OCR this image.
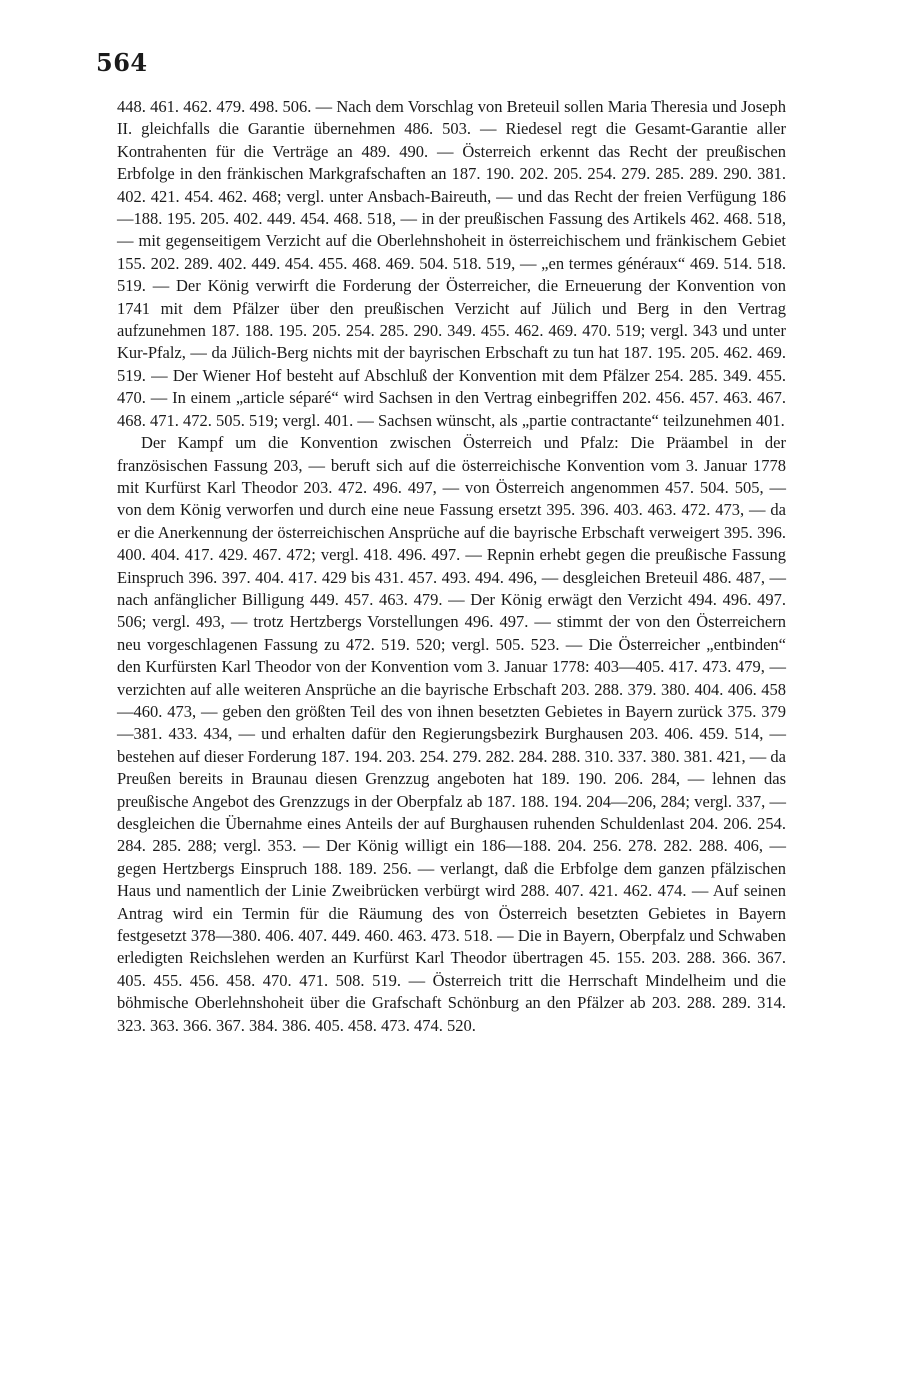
564

448. 461. 462. 479. 498. 506. — Nach dem Vorschlag von Breteuil sollen Maria Theresia und Joseph II. gleichfalls die Garantie übernehmen 486. 503. — Riedesel regt die Gesamt-Garantie aller Kontrahenten für die Verträge an 489. 490. — Österreich erkennt das Recht der preußischen Erbfolge in den fränkischen Markgrafschaften an 187. 190. 202. 205. 254. 279. 285. 289. 290. 381. 402. 421. 454. 462. 468; vergl. unter Ansbach-Baireuth, — und das Recht der freien Verfügung 186—188. 195. 205. 402. 449. 454. 468. 518, — in der preußischen Fassung des Artikels 462. 468. 518, — mit gegenseitigem Verzicht auf die Oberlehnshoheit in österreichischem und fränkischem Gebiet 155. 202. 289. 402. 449. 454. 455. 468. 469. 504. 518. 519, — „en termes généraux“ 469. 514. 518. 519. — Der König verwirft die Forderung der Österreicher, die Erneuerung der Konvention von 1741 mit dem Pfälzer über den preußischen Verzicht auf Jülich und Berg in den Vertrag aufzunehmen 187. 188. 195. 205. 254. 285. 290. 349. 455. 462. 469. 470. 519; vergl. 343 und unter Kur-Pfalz, — da Jülich-Berg nichts mit der bayrischen Erbschaft zu tun hat 187. 195. 205. 462. 469. 519. — Der Wiener Hof besteht auf Abschluß der Konvention mit dem Pfälzer 254. 285. 349. 455. 470. — In einem „article séparé“ wird Sachsen in den Vertrag einbegriffen 202. 456. 457. 463. 467. 468. 471. 472. 505. 519; vergl. 401. — Sachsen wünscht, als „partie contractante“ teilzunehmen 401.

Der Kampf um die Konvention zwischen Österreich und Pfalz: Die Präambel in der französischen Fassung 203, — beruft sich auf die österreichische Konvention vom 3. Januar 1778 mit Kurfürst Karl Theodor 203. 472. 496. 497, — von Österreich angenommen 457. 504. 505, — von dem König verworfen und durch eine neue Fassung ersetzt 395. 396. 403. 463. 472. 473, — da er die Anerkennung der österreichischen Ansprüche auf die bayrische Erbschaft verweigert 395. 396. 400. 404. 417. 429. 467. 472; vergl. 418. 496. 497. — Repnin erhebt gegen die preußische Fassung Einspruch 396. 397. 404. 417. 429 bis 431. 457. 493. 494. 496, — desgleichen Breteuil 486. 487, — nach anfänglicher Billigung 449. 457. 463. 479. — Der König erwägt den Verzicht 494. 496. 497. 506; vergl. 493, — trotz Hertzbergs Vorstellungen 496. 497. — stimmt der von den Österreichern neu vorgeschlagenen Fassung zu 472. 519. 520; vergl. 505. 523. — Die Österreicher „entbinden“ den Kurfürsten Karl Theodor von der Konvention vom 3. Januar 1778: 403—405. 417. 473. 479, — verzichten auf alle weiteren Ansprüche an die bayrische Erbschaft 203. 288. 379. 380. 404. 406. 458—460. 473, — geben den größten Teil des von ihnen besetzten Gebietes in Bayern zurück 375. 379—381. 433. 434, — und erhalten dafür den Regierungsbezirk Burghausen 203. 406. 459. 514, — bestehen auf dieser Forderung 187. 194. 203. 254. 279. 282. 284. 288. 310. 337. 380. 381. 421, — da Preußen bereits in Braunau diesen Grenzzug angeboten hat 189. 190. 206. 284, — lehnen das preußische Angebot des Grenzzugs in der Oberpfalz ab 187. 188. 194. 204—206, 284; vergl. 337, — desgleichen die Übernahme eines Anteils der auf Burghausen ruhenden Schuldenlast 204. 206. 254. 284. 285. 288; vergl. 353. — Der König willigt ein 186—188. 204. 256. 278. 282. 288. 406, — gegen Hertzbergs Einspruch 188. 189. 256. — verlangt, daß die Erbfolge dem ganzen pfälzischen Haus und namentlich der Linie Zweibrücken verbürgt wird 288. 407. 421. 462. 474. — Auf seinen Antrag wird ein Termin für die Räumung des von Österreich besetzten Gebietes in Bayern festgesetzt 378—380. 406. 407. 449. 460. 463. 473. 518. — Die in Bayern, Oberpfalz und Schwaben erledigten Reichslehen werden an Kurfürst Karl Theodor übertragen 45. 155. 203. 288. 366. 367. 405. 455. 456. 458. 470. 471. 508. 519. — Österreich tritt die Herrschaft Mindelheim und die böhmische Oberlehnshoheit über die Grafschaft Schönburg an den Pfälzer ab 203. 288. 289. 314. 323. 363. 366. 367. 384. 386. 405. 458. 473. 474. 520.
